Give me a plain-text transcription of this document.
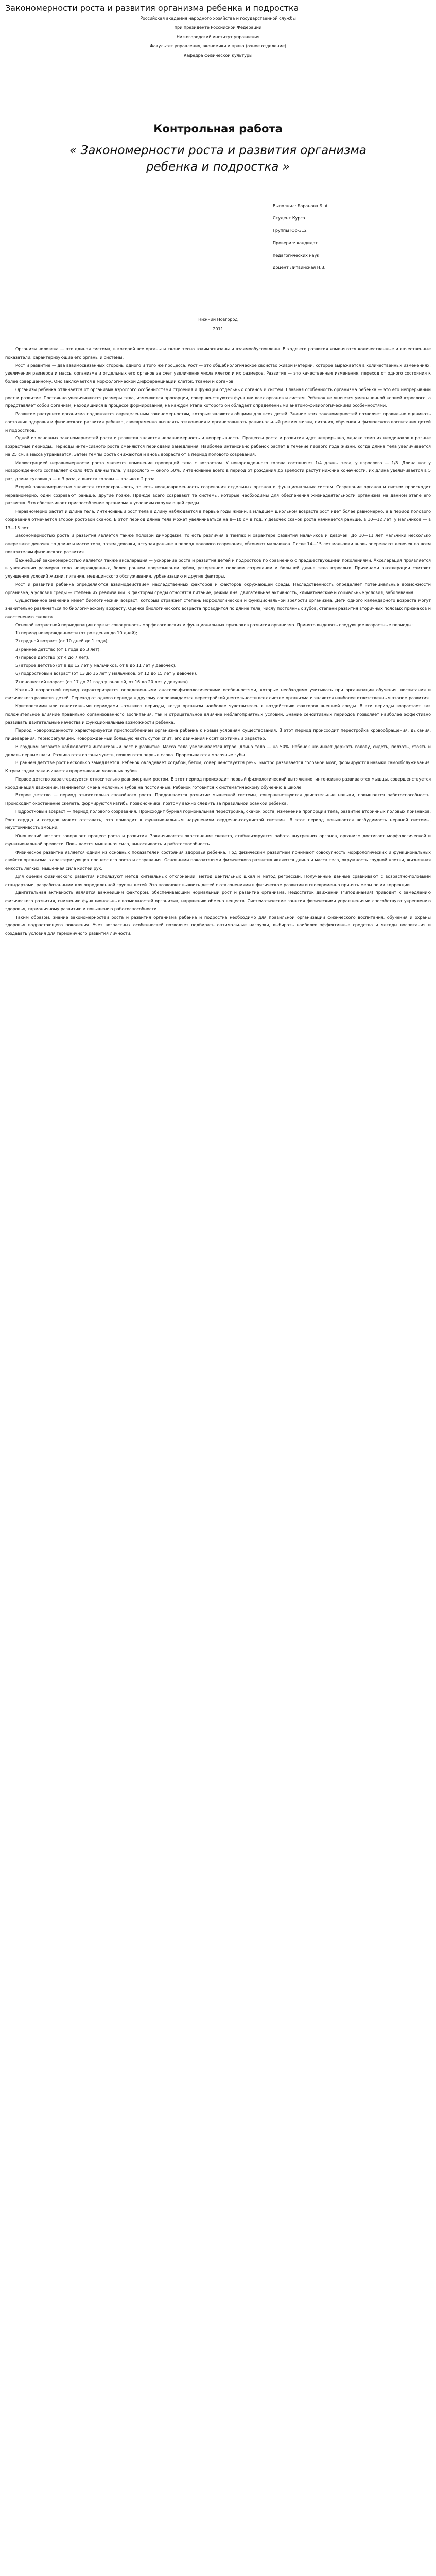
Закономерности роста и развития организма ребенка и подростка

Российская академия народного хозяйства и государственной службы
при президенте Российской Федерации
Нижегородский институт управления
Факультет управления, экономики и права (очное отделение)
Кафедра физической культуры

Контрольная работа
« Закономерности роста и развития организма ребенка и подростка »
Выполнил: Баранова Б. А.
Студент Курса
Группы Юр-312
Проверил: кандидат
педагогических наук,
доцент Литвинская Н.В.
Нижний Новгород
2011

Организм человека — это единая система, в которой все органы и ткани тесно взаимосвязаны и взаимообусловлены. В ходе его развития изменяются количественные и качественные показатели, характеризующие его органы и системы.

Рост и развитие — два взаимосвязанных стороны одного и того же процесса. Рост — это общебиологическое свойство живой материи, которое выражается в количественных изменениях: увеличении размеров и массы организма и отдельных его органов за счет увеличения числа клеток и их размеров. Развитие — это качественные изменения, переход от одного состояния к более совершенному. Оно заключается в морфологической дифференциации клеток, тканей и органов.

Организм ребенка отличается от организма взрослого особенностями строения и функций отдельных органов и систем. Главная особенность организма ребенка — это его непрерывный рост и развитие. Постоянно увеличиваются размеры тела, изменяются пропорции, совершенствуются функции всех органов и систем. Ребенок не является уменьшенной копией взрослого, а представляет собой организм, находящийся в процессе формирования, на каждом этапе которого он обладает определенными анатомо-физиологическими особенностями.

Развитие растущего организма подчиняется определенным закономерностям, которые являются общими для всех детей. Знание этих закономерностей позволяет правильно оценивать состояние здоровья и физического развития ребенка, своевременно выявлять отклонения и организовывать рациональный режим жизни, питания, обучения и физического воспитания детей и подростков.

Одной из основных закономерностей роста и развития является неравномерность и непрерывность. Процессы роста и развития идут непрерывно, однако темп их неодинаков в разные возрастные периоды. Периоды интенсивного роста сменяются периодами замедления. Наиболее интенсивно ребенок растет в течение первого года жизни, когда длина тела увеличивается на 25 см, а масса утраивается. Затем темпы роста снижаются и вновь возрастают в период полового созревания.

Иллюстрацией неравномерности роста является изменение пропорций тела с возрастом. У новорожденного голова составляет 1/4 длины тела, у взрослого — 1/8. Длина ног у новорожденного составляет около 40% длины тела, у взрослого — около 50%. Интенсивнее всего в период от рождения до зрелости растут нижние конечности, их длина увеличивается в 5 раз, длина туловища — в 3 раза, а высота головы — только в 2 раза.

Второй закономерностью является гетерохронность, то есть неодновременность созревания отдельных органов и функциональных систем. Созревание органов и систем происходит неравномерно: одни созревают раньше, другие позже. Прежде всего созревают те системы, которые необходимы для обеспечения жизнедеятельности организма на данном этапе его развития. Это обеспечивает приспособление организма к условиям окружающей среды.

Неравномерно растет и длина тела. Интенсивный рост тела в длину наблюдается в первые годы жизни, в младшем школьном возрасте рост идет более равномерно, а в период полового созревания отмечается второй ростовой скачок. В этот период длина тела может увеличиваться на 8—10 см в год. У девочек скачок роста начинается раньше, в 10—12 лет, у мальчиков — в 13—15 лет.

Закономерностью роста и развития является также половой диморфизм, то есть различия в темпах и характере развития мальчиков и девочек. До 10—11 лет мальчики несколько опережают девочек по длине и массе тела, затем девочки, вступая раньше в период полового созревания, обгоняют мальчиков. После 14—15 лет мальчики вновь опережают девочек по всем показателям физического развития.

Важнейшей закономерностью является также акселерация — ускорение роста и развития детей и подростков по сравнению с предшествующими поколениями. Акселерация проявляется в увеличении размеров тела новорожденных, более раннем прорезывании зубов, ускоренном половом созревании и большей длине тела взрослых. Причинами акселерации считают улучшение условий жизни, питания, медицинского обслуживания, урбанизацию и другие факторы.

Рост и развитие ребенка определяются взаимодействием наследственных факторов и факторов окружающей среды. Наследственность определяет потенциальные возможности организма, а условия среды — степень их реализации. К факторам среды относятся питание, режим дня, двигательная активность, климатические и социальные условия, заболевания.

Существенное значение имеет биологический возраст, который отражает степень морфологической и функциональной зрелости организма. Дети одного календарного возраста могут значительно различаться по биологическому возрасту. Оценка биологического возраста проводится по длине тела, числу постоянных зубов, степени развития вторичных половых признаков и окостенению скелета.

Основой возрастной периодизации служит совокупность морфологических и функциональных признаков развития организма. Принято выделять следующие возрастные периоды:

1) период новорожденности (от рождения до 10 дней);

2) грудной возраст (от 10 дней до 1 года);

3) раннее детство (от 1 года до 3 лет);

4) первое детство (от 4 до 7 лет);

5) второе детство (от 8 до 12 лет у мальчиков, от 8 до 11 лет у девочек);

6) подростковый возраст (от 13 до 16 лет у мальчиков, от 12 до 15 лет у девочек);

7) юношеский возраст (от 17 до 21 года у юношей, от 16 до 20 лет у девушек).

Каждый возрастной период характеризуется определенными анатомо-физиологическими особенностями, которые необходимо учитывать при организации обучения, воспитания и физического развития детей. Переход от одного периода к другому сопровождается перестройкой деятельности всех систем организма и является наиболее ответственным этапом развития.

Критическими или сенситивными периодами называют периоды, когда организм наиболее чувствителен к воздействию факторов внешней среды. В эти периоды возрастает как положительное влияние правильно организованного воспитания, так и отрицательное влияние неблагоприятных условий. Знание сенситивных периодов позволяет наиболее эффективно развивать двигательные качества и функциональные возможности ребенка.

Период новорожденности характеризуется приспособлением организма ребенка к новым условиям существования. В этот период происходит перестройка кровообращения, дыхания, пищеварения, терморегуляции. Новорожденный большую часть суток спит, его движения носят хаотичный характер.

В грудном возрасте наблюдается интенсивный рост и развитие. Масса тела увеличивается втрое, длина тела — на 50%. Ребенок начинает держать голову, сидеть, ползать, стоять и делать первые шаги. Развиваются органы чувств, появляются первые слова. Прорезываются молочные зубы.

В раннем детстве рост несколько замедляется. Ребенок овладевает ходьбой, бегом, совершенствуется речь. Быстро развивается головной мозг, формируются навыки самообслуживания. К трем годам заканчивается прорезывание молочных зубов.

Первое детство характеризуется относительно равномерным ростом. В этот период происходит первый физиологический вытяжение, интенсивно развиваются мышцы, совершенствуется координация движений. Начинается смена молочных зубов на постоянные. Ребенок готовится к систематическому обучению в школе.

Второе детство — период относительно спокойного роста. Продолжается развитие мышечной системы, совершенствуются двигательные навыки, повышается работоспособность. Происходит окостенение скелета, формируются изгибы позвоночника, поэтому важно следить за правильной осанкой ребенка.

Подростковый возраст — период полового созревания. Происходит бурная гормональная перестройка, скачок роста, изменение пропорций тела, развитие вторичных половых признаков. Рост сердца и сосудов может отставать, что приводит к функциональным нарушениям сердечно-сосудистой системы. В этот период повышается возбудимость нервной системы, неустойчивость эмоций.

Юношеский возраст завершает процесс роста и развития. Заканчивается окостенение скелета, стабилизируется работа внутренних органов, организм достигает морфологической и функциональной зрелости. Повышается мышечная сила, выносливость и работоспособность.

Физическое развитие является одним из основных показателей состояния здоровья ребенка. Под физическим развитием понимают совокупность морфологических и функциональных свойств организма, характеризующих процесс его роста и созревания. Основными показателями физического развития являются длина и масса тела, окружность грудной клетки, жизненная емкость легких, мышечная сила кистей рук.

Для оценки физического развития используют метод сигмальных отклонений, метод центильных шкал и метод регрессии. Полученные данные сравнивают с возрастно-половыми стандартами, разработанными для определенной группы детей. Это позволяет выявить детей с отклонениями в физическом развитии и своевременно принять меры по их коррекции.

Двигательная активность является важнейшим фактором, обеспечивающим нормальный рост и развитие организма. Недостаток движений (гиподинамия) приводит к замедлению физического развития, снижению функциональных возможностей организма, нарушению обмена веществ. Систематические занятия физическими упражнениями способствуют укреплению здоровья, гармоничному развитию и повышению работоспособности.

Таким образом, знание закономерностей роста и развития организма ребенка и подростка необходимо для правильной организации физического воспитания, обучения и охраны здоровья подрастающего поколения. Учет возрастных особенностей позволяет подбирать оптимальные нагрузки, выбирать наиболее эффективные средства и методы воспитания и создавать условия для гармоничного развития личности.
